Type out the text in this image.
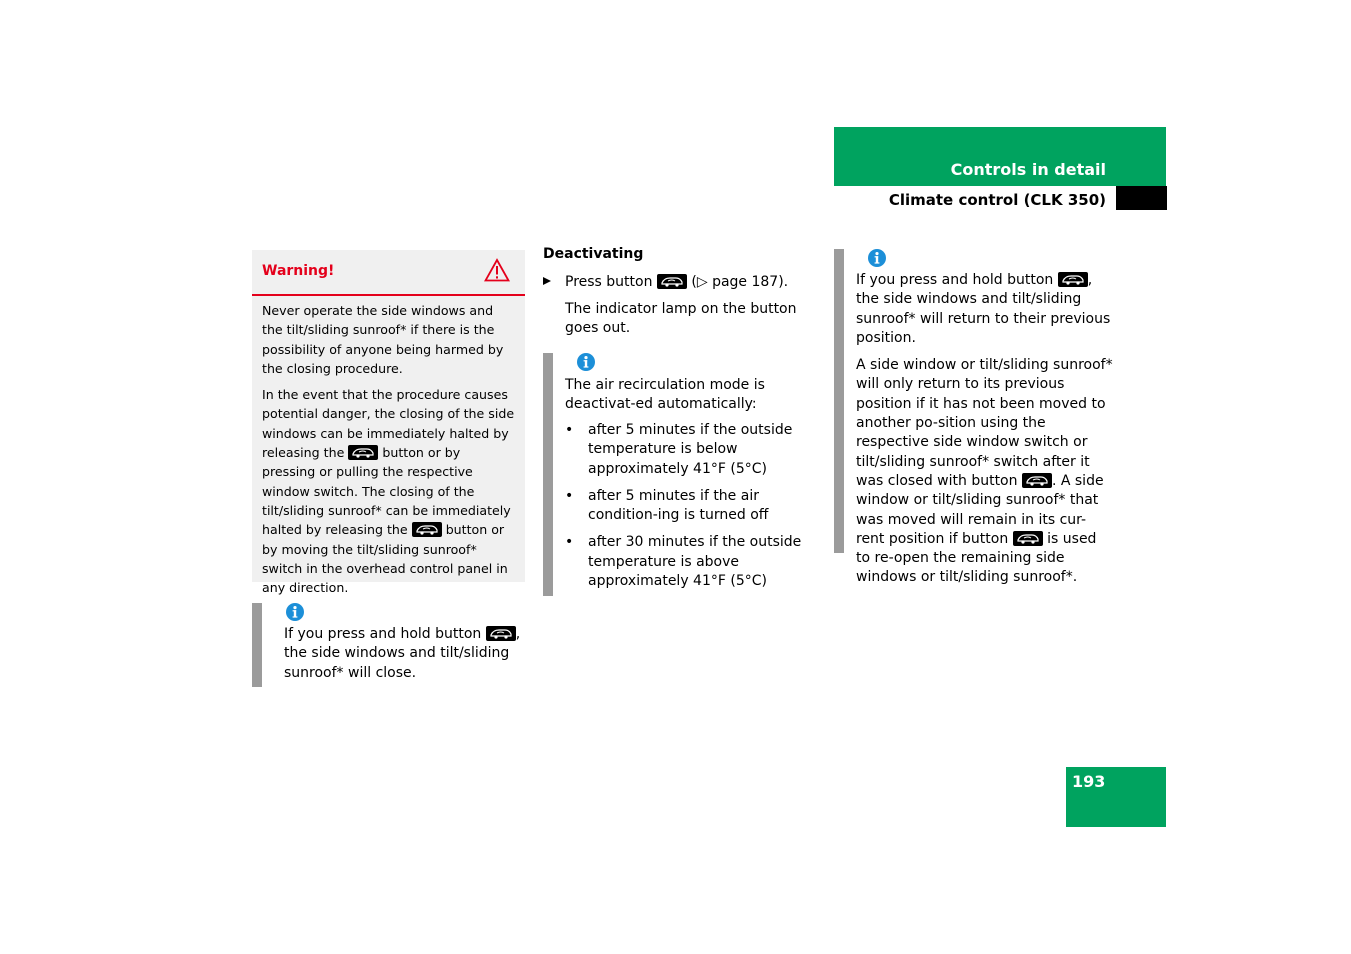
Controls in detail
Climate control (CLK 350)
Warning!

Never operate the side windows and the tilt/sliding sunroof* if there is the possibility of anyone being harmed by the closing procedure.

In the event that the procedure causes potential danger, the closing of the side windows can be immediately halted by releasing the	button or by pressing or pulling the respective window switch. The closing of the tilt/sliding sunroof* can be immediately halted by releasing the	button or by moving the tilt/sliding sunroof* switch in the overhead control panel in any direction.

If you press and hold button , the side windows and tilt/sliding sunroof* will close.

Deactivating
Press button	(▷ page 187).
The indicator lamp on the button goes out.

The air recirculation mode is deactivat-ed automatically:

• after 5 minutes if the outside temperature is below approximately 41°F (5°C)
• after 5 minutes if the air condition-ing is turned off
• after 30 minutes if the outside temperature is above approximately 41°F (5°C)

If you press and hold button , the side windows and tilt/sliding sunroof* will return to their previous position.

A side window or tilt/sliding sunroof* will only return to its previous position if it has not been moved to another po-sition using the respective side window switch or tilt/sliding sunroof* switch after it was closed with button . A side window or tilt/sliding sunroof* that was moved will remain in its cur-rent position if button	is used to re-open the remaining side windows or tilt/sliding sunroof*.

193
